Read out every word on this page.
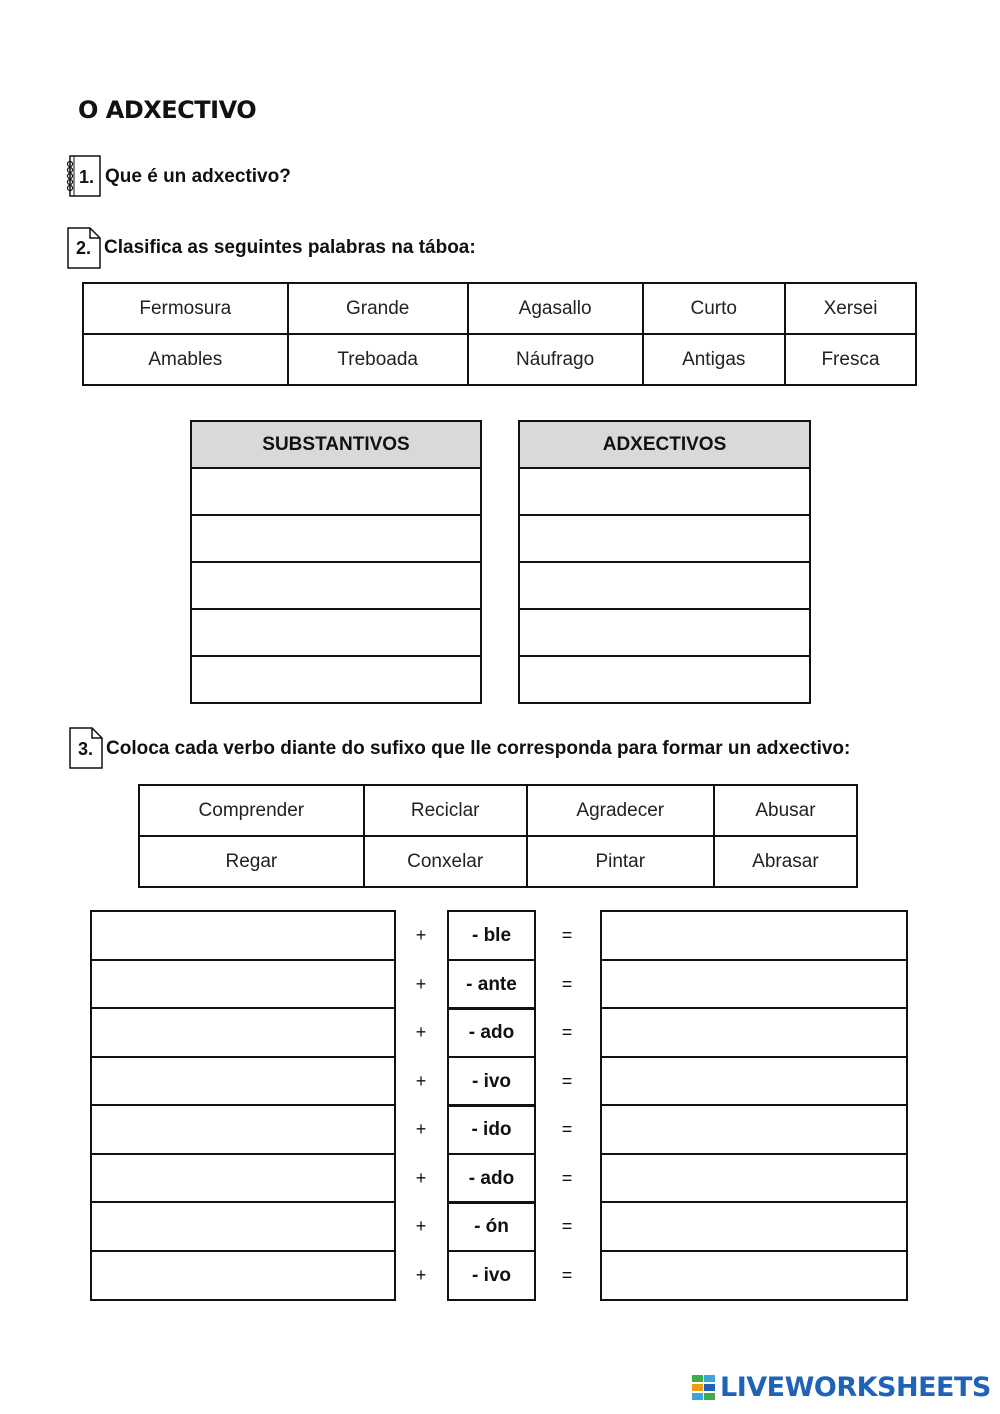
O ADXECTIVO
1. Que é un adxectivo?
2. Clasifica as seguintes palabras na táboa:
Fermosura	Grande	Agasallo	Curto	Xersei
Amables	Treboada	Náufrago	Antigas	Fresca
SUBSTANTIVOS	ADXECTIVOS

3. Coloca cada verbo diante do sufixo que lle corresponda para formar un adxectivo:
Comprender	Reciclar	Agradecer	Abusar
Regar	Conxelar	Pintar	Abrasar
+	- ble	=
+	- ante	=
+	- ado	=
+	- ivo	=
+	- ido	=
+	- ado	=
+	- ón	=
+	- ivo	=
LIVEWORKSHEETS
